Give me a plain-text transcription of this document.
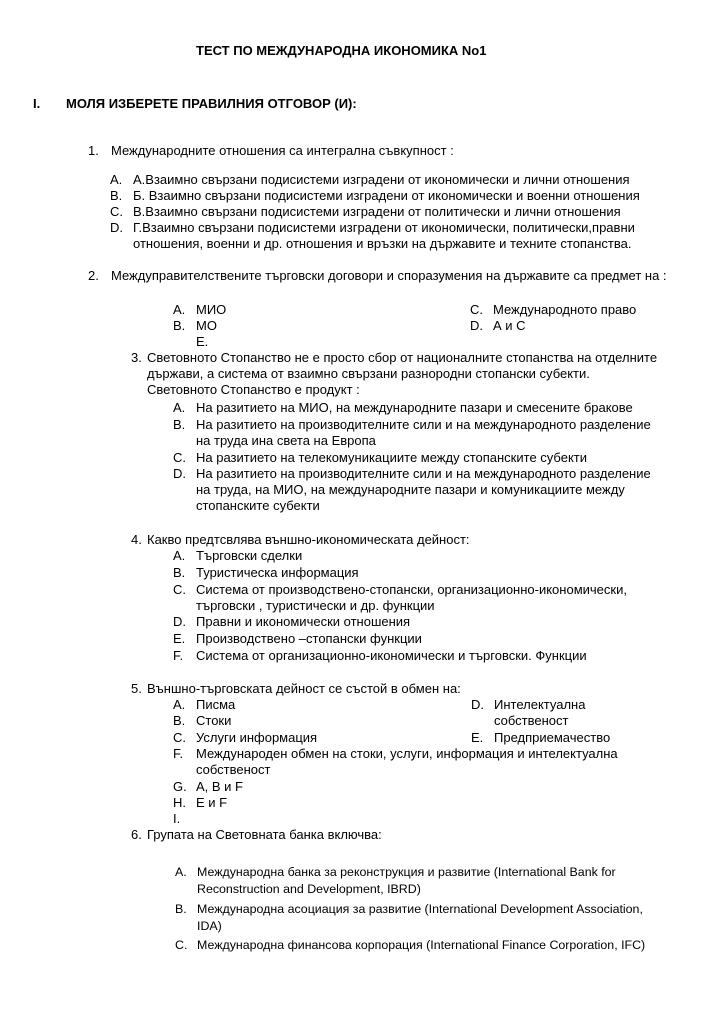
ТЕСТ ПО МЕЖДУНАРОДНА ИКОНОМИКА No1
I. МОЛЯ ИЗБЕРЕТЕ ПРАВИЛНИЯ ОТГОВОР (И):
1. Международните отношения са интегрална съвкупност :
A. А.Взаимно свързани подисистеми изградени от икономически и лични отношения
B. Б. Взаимно свързани подисистеми изградени от икономически и военни отношения
C. В.Взаимно свързани подисистеми изградени от политически и лични отношения
D. Г.Взаимно свързани подисистеми изградени от икономически, политически,правни
отношения, военни и др. отношения и връзки на държавите и техните стопанства.
2. Междуправителствените търговски договори и споразумения на държавите са предмет на :
A. МИО
B. МО
E.
C. Международното право
D. А и С
3. Световното Стопанство не е просто сбор от националните стопанства на отделните
държави, а система от взаимно свързани разнородни стопански субекти.
Световното Стопанство е продукт :
A. На разитието на МИО, на международните пазари и смесените бракове
B. На разитието на производителните сили и на международното разделение
на труда ина света на Европа
C. На разитието на телекомуникациите между стопанските субекти
D. На разитието на производителните сили и на международното разделение
на труда, на МИО, на международните пазари и комуникациите между
стопанските субекти
4. Какво предтсвлява външно-икономическата дейност:
A. Търговски сделки
B. Туристическа информация
C. Система от производствено-стопански, организационно-икономически,
търговски , туристически и др. функции
D. Правни и икономически отношения
E. Производствено –стопански функции
F. Система от организационно-икономически и търговски. Функции
5. Външно-търговската дейност се състой в обмен на:
A. Писма
B. Стоки
C. Услуги информация
D. Интелектуална
собственост
E. Предприемачество
F. Международен обмен на стоки, услуги, информация и интелектуална
собственост
G. А, В и F
H. Е и F
I.
6. Групата на Световната банка включва:
A. Международна банка за реконструкция и развитие (International Bank for
Reconstruction and Development, IBRD)
B. Международна асоциация за развитие (International Development Association,
IDA)
C. Международна финансова корпорация (International Finance Corporation, IFC)
